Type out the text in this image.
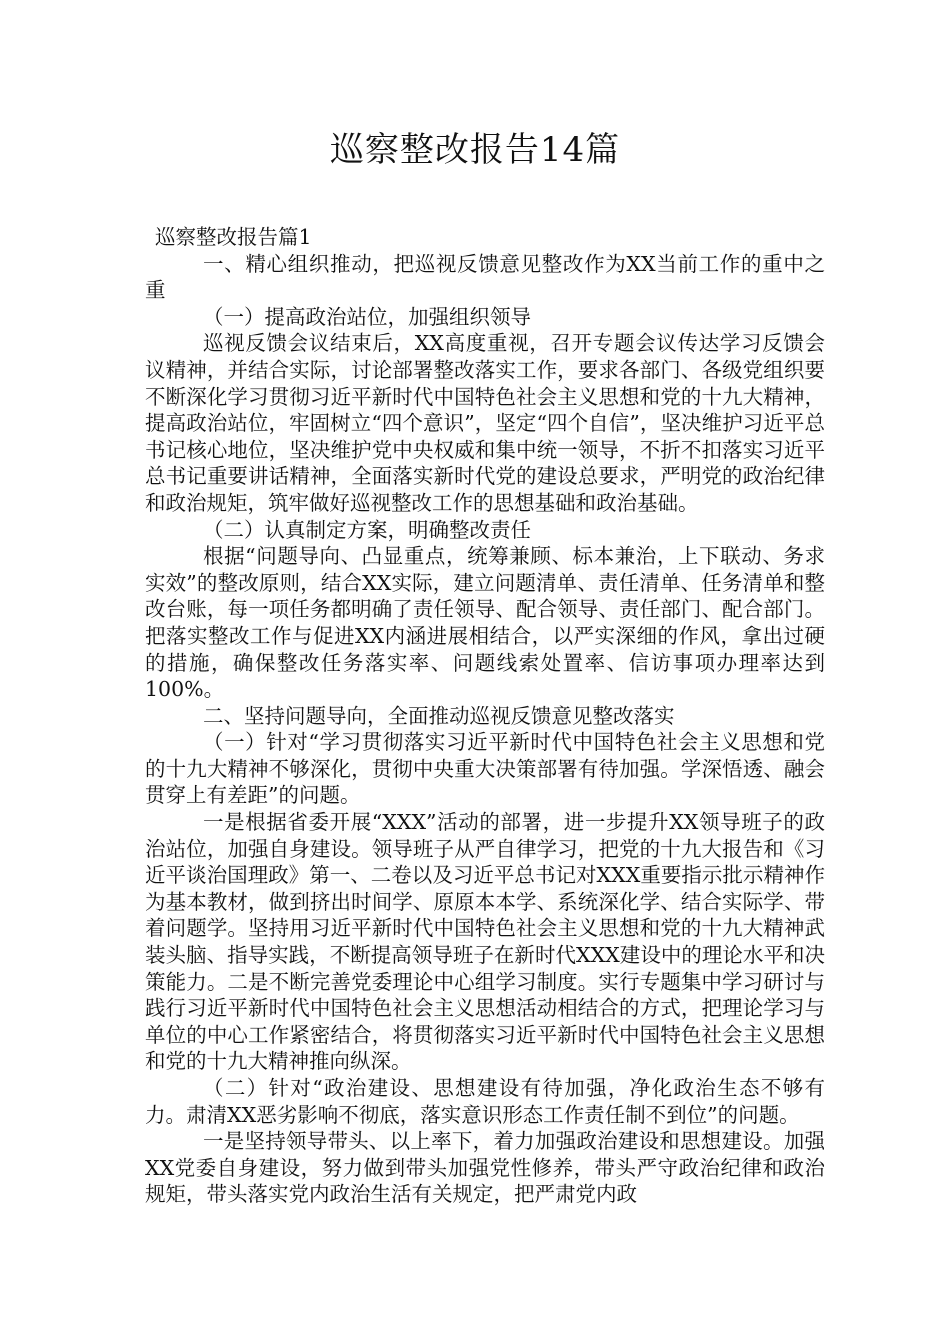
巡察整改报告14篇

巡察整改报告篇1

一、精心组织推动，把巡视反馈意见整改作为XX当前工作的重中之重

（一）提高政治站位，加强组织领导

巡视反馈会议结束后，XX高度重视，召开专题会议传达学习反馈会议精神，并结合实际，讨论部署整改落实工作，要求各部门、各级党组织要不断深化学习贯彻习近平新时代中国特色社会主义思想和党的十九大精神，提高政治站位，牢固树立“四个意识”，坚定“四个自信”，坚决维护习近平总书记核心地位，坚决维护党中央权威和集中统一领导，不折不扣落实习近平总书记重要讲话精神，全面落实新时代党的建设总要求，严明党的政治纪律和政治规矩，筑牢做好巡视整改工作的思想基础和政治基础。

（二）认真制定方案，明确整改责任

根据“问题导向、凸显重点，统筹兼顾、标本兼治，上下联动、务求实效”的整改原则，结合XX实际，建立问题清单、责任清单、任务清单和整改台账，每一项任务都明确了责任领导、配合领导、责任部门、配合部门。把落实整改工作与促进XX内涵进展相结合，以严实深细的作风，拿出过硬的措施，确保整改任务落实率、问题线索处置率、信访事项办理率达到100%。

二、坚持问题导向，全面推动巡视反馈意见整改落实

（一）针对“学习贯彻落实习近平新时代中国特色社会主义思想和党的十九大精神不够深化，贯彻中央重大决策部署有待加强。学深悟透、融会贯穿上有差距”的问题。

一是根据省委开展“XXX”活动的部署，进一步提升XX领导班子的政治站位，加强自身建设。领导班子从严自律学习，把党的十九大报告和《习近平谈治国理政》第一、二卷以及习近平总书记对XXX重要指示批示精神作为基本教材，做到挤出时间学、原原本本学、系统深化学、结合实际学、带着问题学。坚持用习近平新时代中国特色社会主义思想和党的十九大精神武装头脑、指导实践，不断提高领导班子在新时代XXX建设中的理论水平和决策能力。二是不断完善党委理论中心组学习制度。实行专题集中学习研讨与践行习近平新时代中国特色社会主义思想活动相结合的方式，把理论学习与单位的中心工作紧密结合，将贯彻落实习近平新时代中国特色社会主义思想和党的十九大精神推向纵深。

（二）针对“政治建设、思想建设有待加强，净化政治生态不够有力。肃清XX恶劣影响不彻底，落实意识形态工作责任制不到位”的问题。

一是坚持领导带头、以上率下，着力加强政治建设和思想建设。加强XX党委自身建设，努力做到带头加强党性修养，带头严守政治纪律和政治规矩，带头落实党内政治生活有关规定，把严肃党内政
